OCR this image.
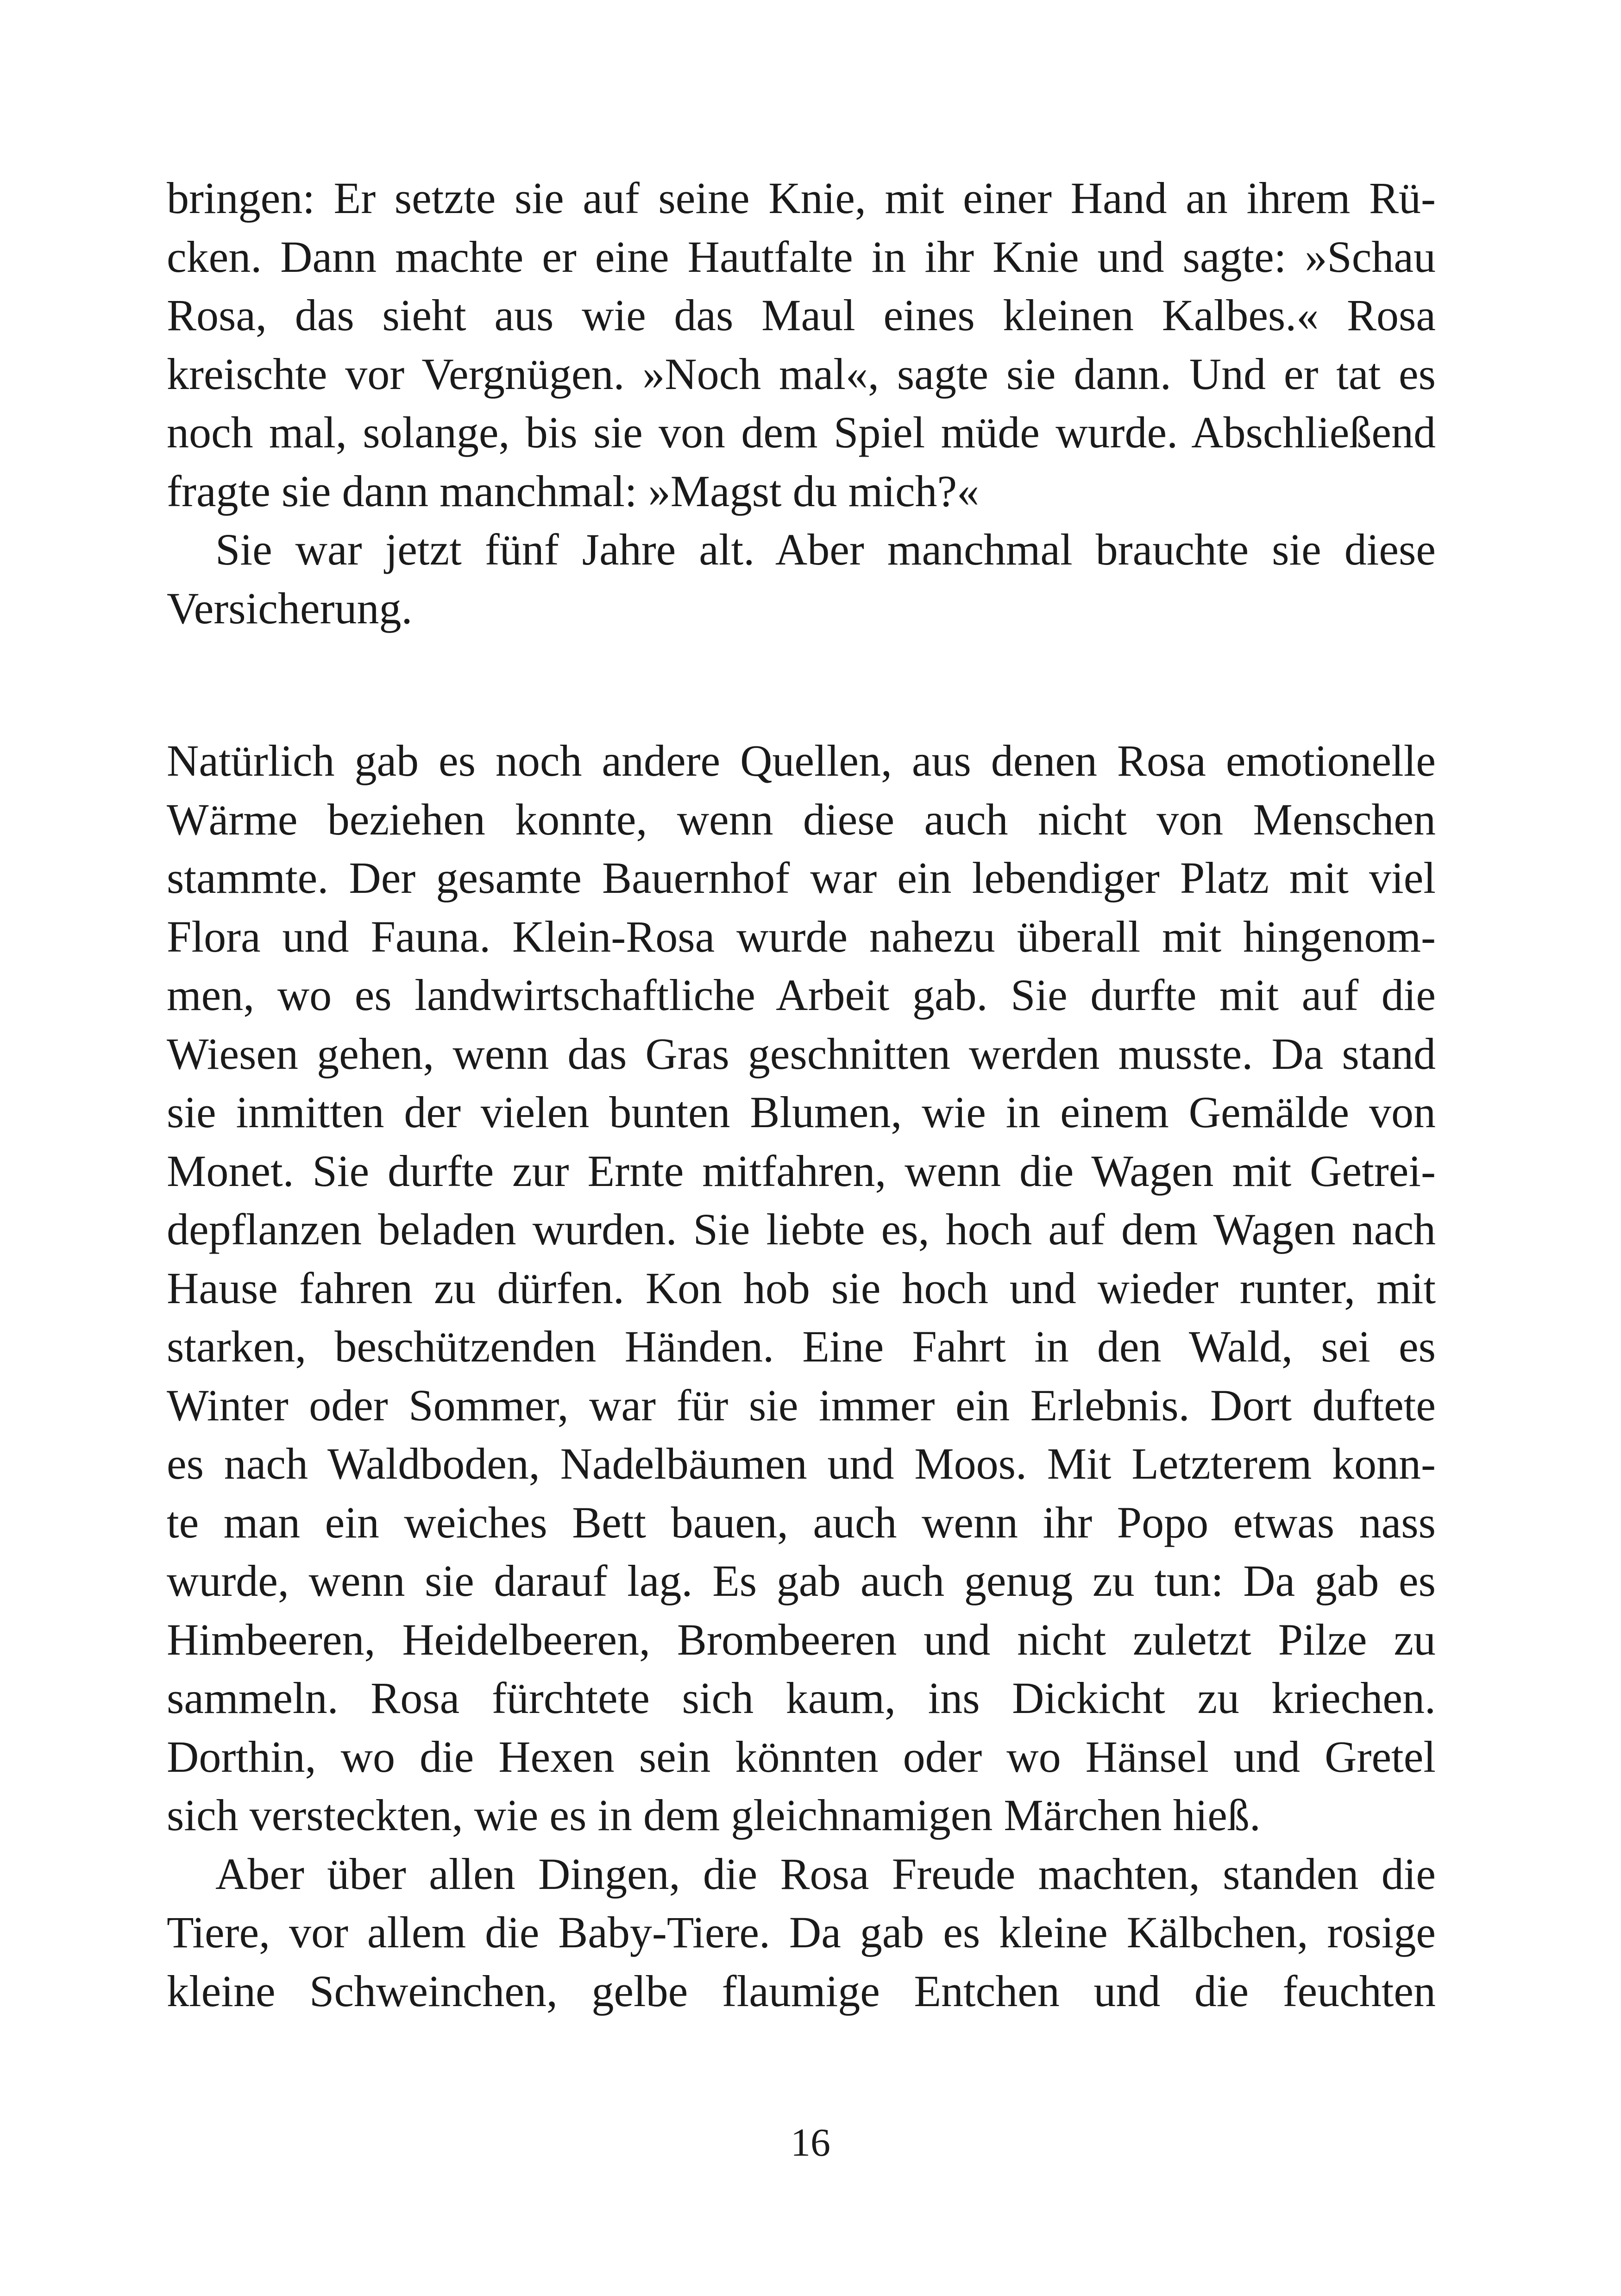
bringen: Er setzte sie auf seine Knie, mit einer Hand an ihrem Rü-
cken. Dann machte er eine Hautfalte in ihr Knie und sagte: »Schau
Rosa, das sieht aus wie das Maul eines kleinen Kalbes.« Rosa
kreischte vor Vergnügen. »Noch mal«, sagte sie dann. Und er tat es
noch mal, solange, bis sie von dem Spiel müde wurde. Abschließend
fragte sie dann manchmal: »Magst du mich?«
Sie war jetzt fünf Jahre alt. Aber manchmal brauchte sie diese
Versicherung.
Natürlich gab es noch andere Quellen, aus denen Rosa emotionelle
Wärme beziehen konnte, wenn diese auch nicht von Menschen
stammte. Der gesamte Bauernhof war ein lebendiger Platz mit viel
Flora und Fauna. Klein-Rosa wurde nahezu überall mit hingenom-
men, wo es landwirtschaftliche Arbeit gab. Sie durfte mit auf die
Wiesen gehen, wenn das Gras geschnitten werden musste. Da stand
sie inmitten der vielen bunten Blumen, wie in einem Gemälde von
Monet. Sie durfte zur Ernte mitfahren, wenn die Wagen mit Getrei-
depflanzen beladen wurden. Sie liebte es, hoch auf dem Wagen nach
Hause fahren zu dürfen. Kon hob sie hoch und wieder runter, mit
starken, beschützenden Händen. Eine Fahrt in den Wald, sei es
Winter oder Sommer, war für sie immer ein Erlebnis. Dort duftete
es nach Waldboden, Nadelbäumen und Moos. Mit Letzterem konn-
te man ein weiches Bett bauen, auch wenn ihr Popo etwas nass
wurde, wenn sie darauf lag. Es gab auch genug zu tun: Da gab es
Himbeeren, Heidelbeeren, Brombeeren und nicht zuletzt Pilze zu
sammeln. Rosa fürchtete sich kaum, ins Dickicht zu kriechen.
Dorthin, wo die Hexen sein könnten oder wo Hänsel und Gretel
sich versteckten, wie es in dem gleichnamigen Märchen hieß.
Aber über allen Dingen, die Rosa Freude machten, standen die
Tiere, vor allem die Baby-Tiere. Da gab es kleine Kälbchen, rosige
kleine Schweinchen, gelbe flaumige Entchen und die feuchten
16
